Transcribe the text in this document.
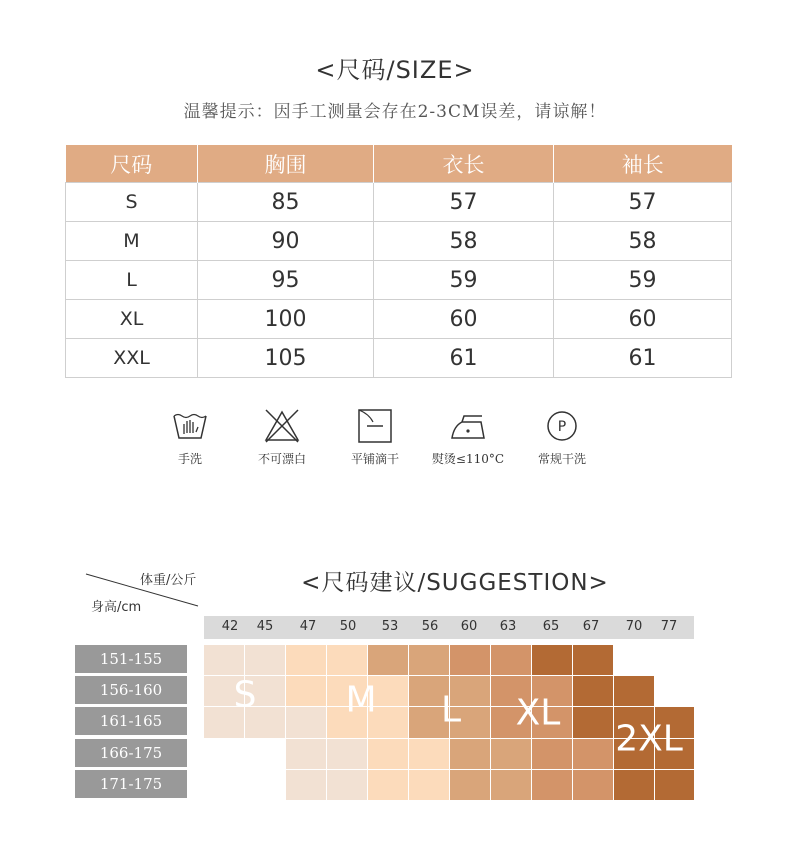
<尺码/SIZE>
温馨提示：因手工测量会存在2-3CM误差，请谅解！
尺码	胸围	衣长	袖长
S	85	57	57
M	90	58	58
L	95	59	59
XL	100	60	60
XXL	105	61	61
手洗	不可漂白	平铺滴干	熨烫≤110°C
P
常规干洗
体重/公斤
身高/cm
<尺码建议/SUGGESTION>
42 45 47 50 53 56 60 63 65 67 70 77
151-155
156-160
161-165
166-175
171-175
S M L XL
2XL
